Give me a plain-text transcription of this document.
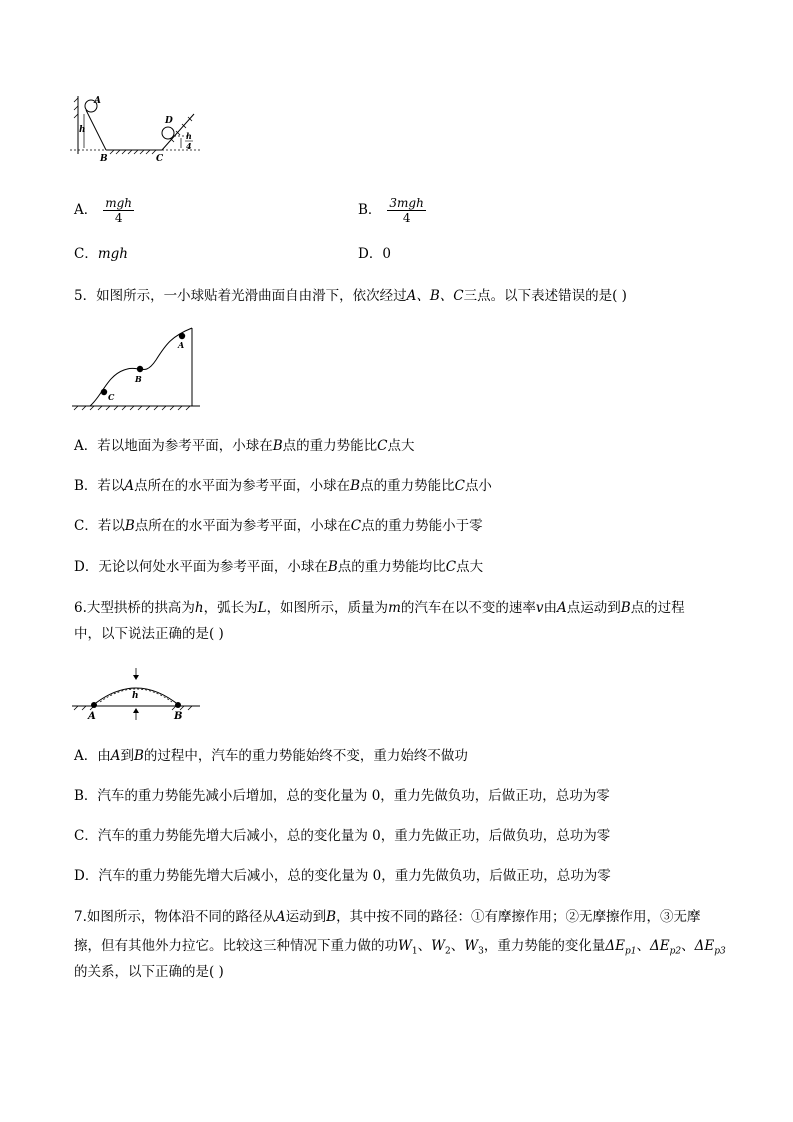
A
h
B	C
D
h
4
A． $\frac{\text{mgh}}{4}$	B． $\frac{\text{3mgh}}{4}$
C．mgh	D．0
5．如图所示，一小球贴着光滑曲面自由滑下，依次经过A、B、C三点。以下表述错误的是( )
C
B
A
A．若以地面为参考平面，小球在B点的重力势能比C点大
B．若以A点所在的水平面为参考平面，小球在B点的重力势能比C点小
C．若以B点所在的水平面为参考平面，小球在C点的重力势能小于零
D．无论以何处水平面为参考平面，小球在B点的重力势能均比C点大
6.大型拱桥的拱高为h，弧长为L，如图所示，质量为m的汽车在以不变的速率v由A点运动到B点的过程
中，以下说法正确的是( )
h
A	B
A．由A到B的过程中，汽车的重力势能始终不变，重力始终不做功
B．汽车的重力势能先减小后增加，总的变化量为 0，重力先做负功，后做正功，总功为零
C．汽车的重力势能先增大后减小，总的变化量为 0，重力先做正功，后做负功，总功为零
D．汽车的重力势能先增大后减小，总的变化量为 0，重力先做负功，后做正功，总功为零
7.如图所示，物体沿不同的路径从A运动到B，其中按不同的路径：①有摩擦作用；②无摩擦作用，③无摩
擦，但有其他外力拉它。比较这三种情况下重力做的功$W_1$、$W_2$、$W_3$，重力势能的变化量$\Delta E_{p1}$、$\Delta E_{p2}$、$\Delta E_{p3}$
的关系，以下正确的是( )
